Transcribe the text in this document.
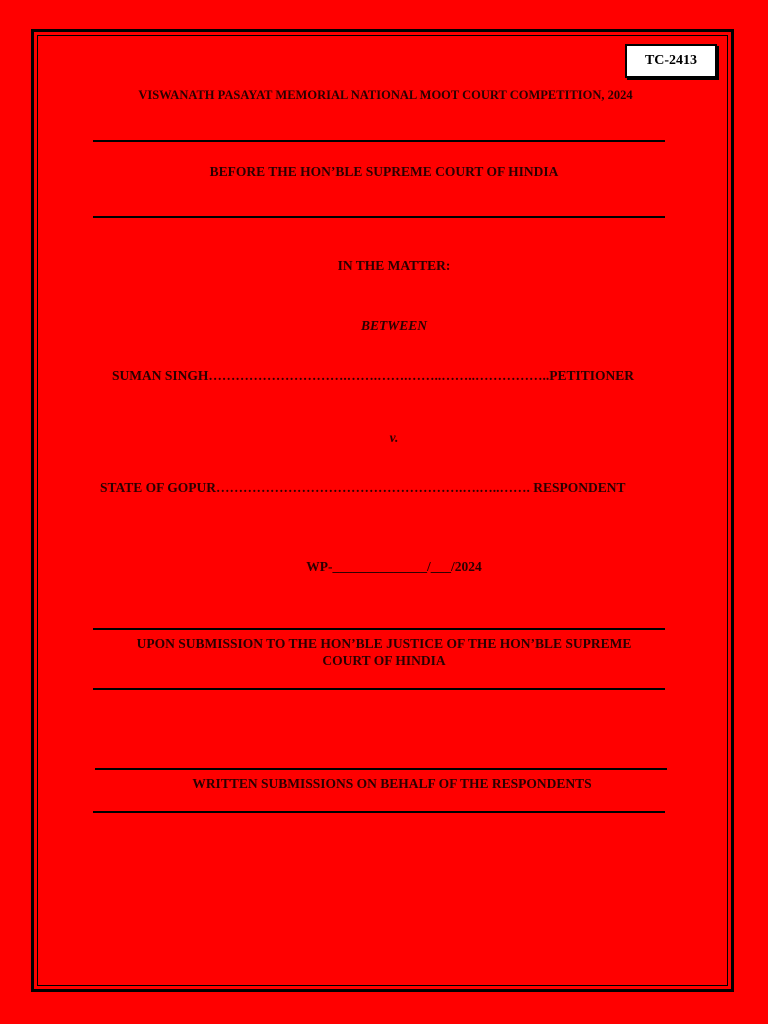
TC-2413
VISWANATH PASAYAT MEMORIAL NATIONAL MOOT COURT COMPETITION, 2024
BEFORE THE HON’BLE SUPREME COURT OF HINDIA
IN THE MATTER:
BETWEEN
SUMAN SINGH………………………….…….…….……..……..……………..PETITIONER
v.
STATE OF GOPUR……………………………………………….….…..……. RESPONDENT
WP-______________/___/2024
UPON SUBMISSION TO THE HON’BLE JUSTICE OF THE HON’BLE SUPREME
COURT OF HINDIA
WRITTEN SUBMISSIONS ON BEHALF OF THE RESPONDENTS
